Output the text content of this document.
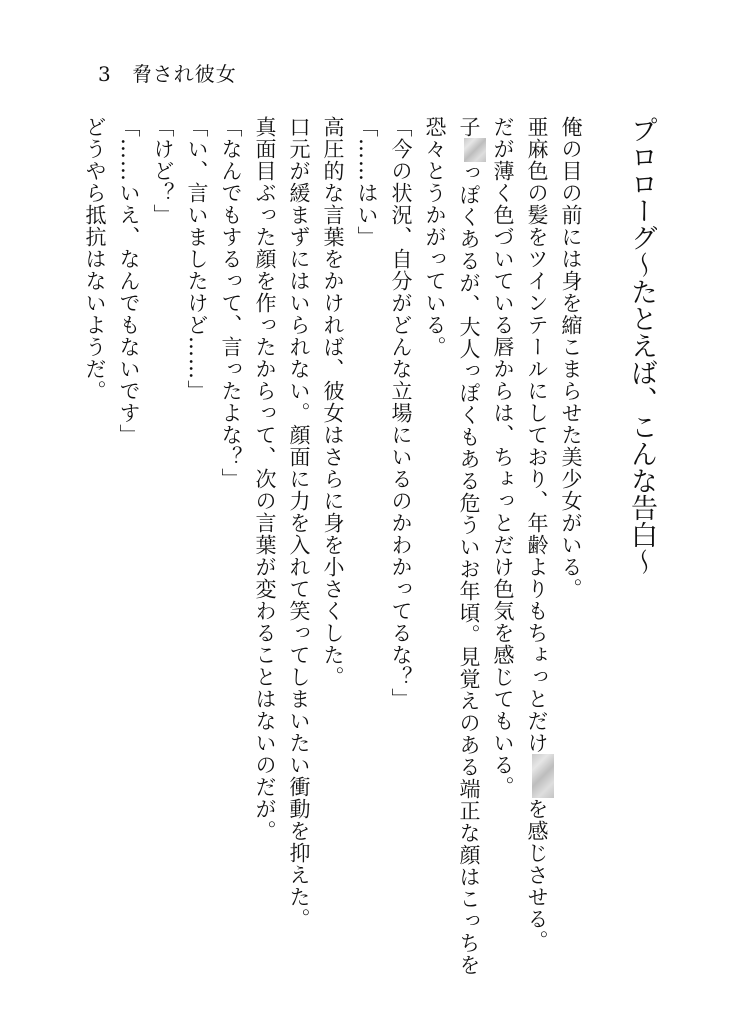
3 脅され彼女

プロローグ〜たとえば、こんな告白〜

俺の目の前には身を縮こまらせた美少女がいる。

亜麻色の髪をツインテールにしており、年齢よりもちょっとだけを感じさせる。

だが薄く色づいている唇からは、ちょっとだけ色気を感じてもいる。

子っぽくあるが、大人っぽくもある危ういお年頃。見覚えのある端正な顔はこっちを恐々とうかがっている。

「今の状況、自分がどんな立場にいるのかわかってるな？」

「……はい」

高圧的な言葉をかければ、彼女はさらに身を小さくした。

口元が緩まずにはいられない。顔面に力を入れて笑ってしまいたい衝動を抑えた。

真面目ぶった顔を作ったからって、次の言葉が変わることはないのだが。

「なんでもするって、言ったよな？」

「い、言いましたけど……」

「けど？」

「……いえ、なんでもないです」

どうやら抵抗はないようだ。
